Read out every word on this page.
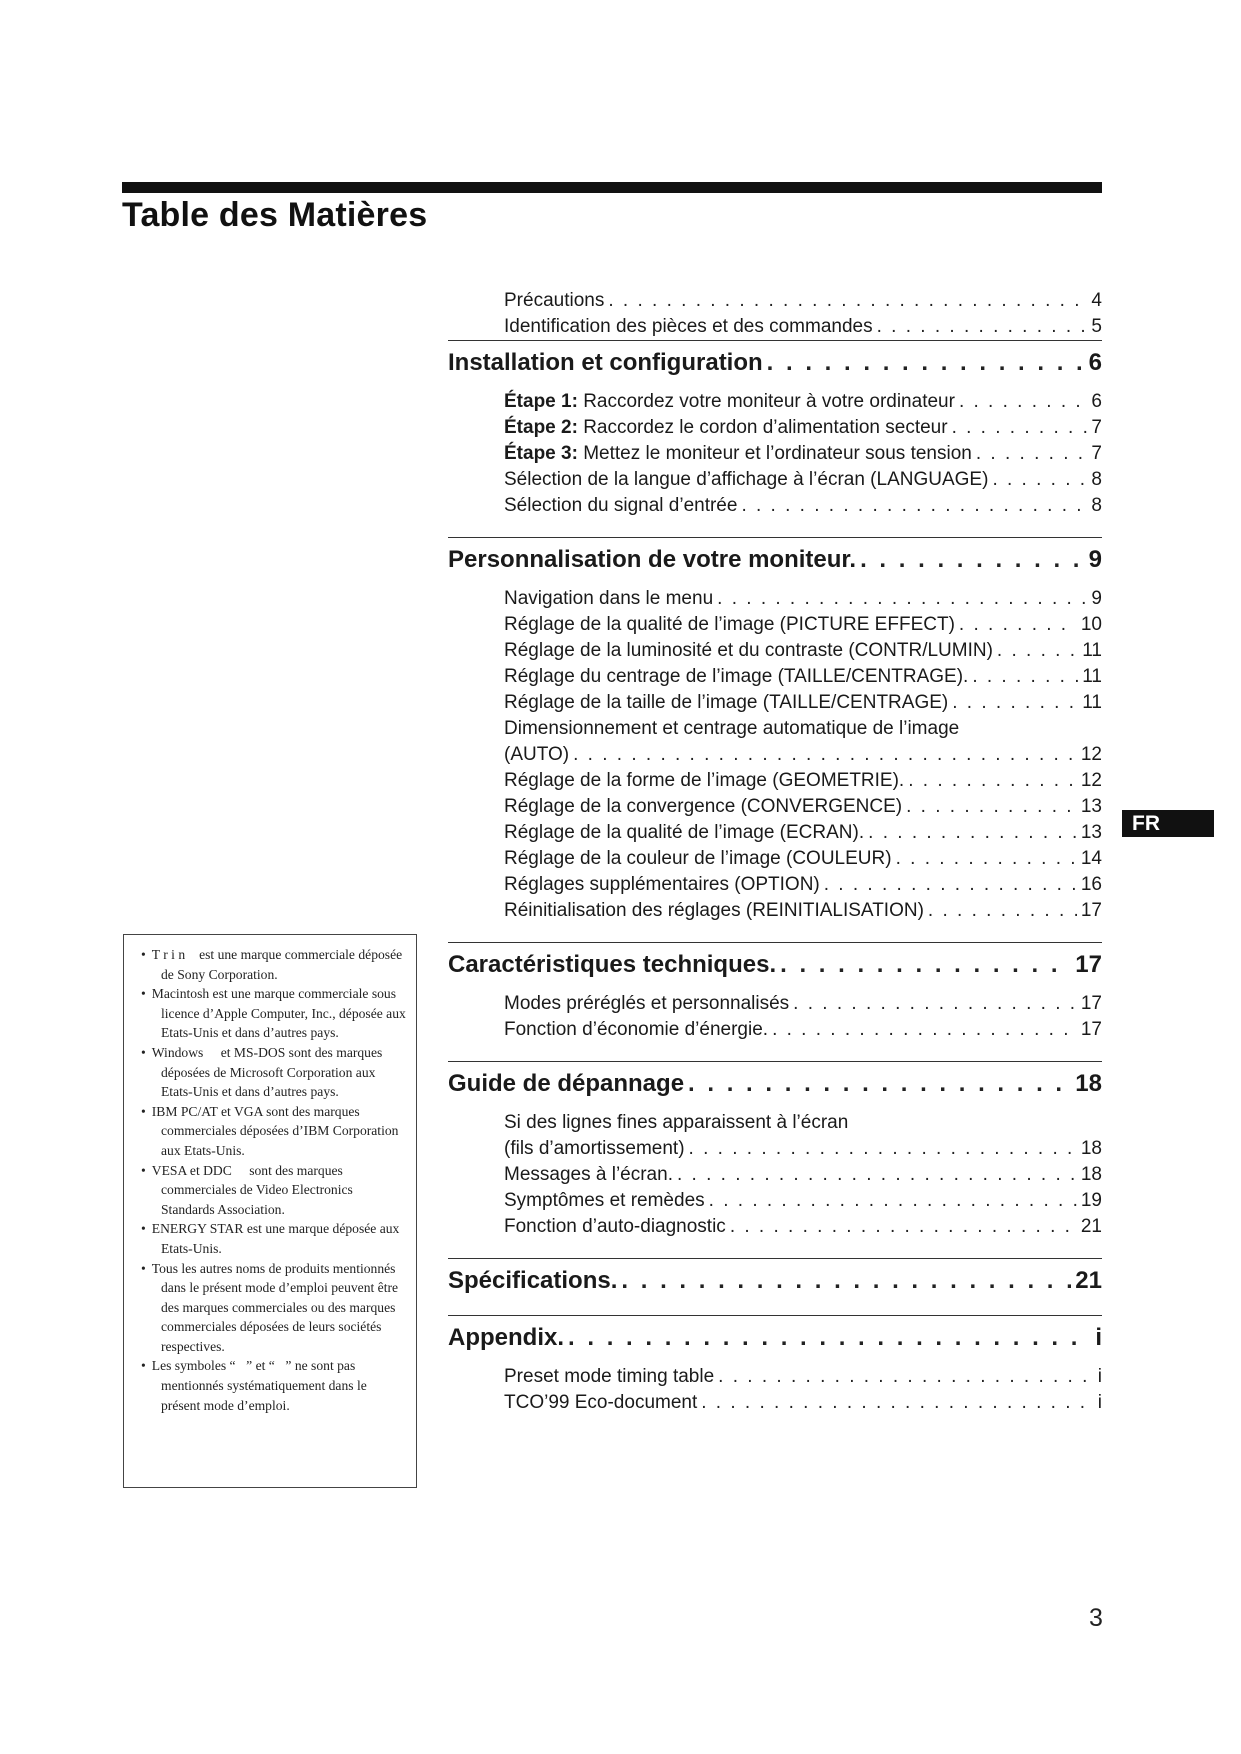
Table des Matières
Précautions . . .	4
Identification des pièces et des commandes . . .	5
Installation et configuration . . .	6
Étape 1: Raccordez votre moniteur à votre ordinateur . . .	6
Étape 2: Raccordez le cordon d’alimentation secteur . . .	7
Étape 3: Mettez le moniteur et l’ordinateur sous tension . . .	7
Sélection de la langue d’affichage à l’écran (LANGUAGE) . . .	8
Sélection du signal d’entrée . . .	8
Personnalisation de votre moniteur. . . .	9
Navigation dans le menu . . .	9
Réglage de la qualité de l’image (PICTURE EFFECT) . . .	10
Réglage de la luminosité et du contraste (CONTR/LUMIN) . . .	11
Réglage du centrage de l’image (TAILLE/CENTRAGE). . . .	11
Réglage de la taille de l’image (TAILLE/CENTRAGE) . . .	11
Dimensionnement et centrage automatique de l’image
(AUTO) . . .	12
Réglage de la forme de l’image (GEOMETRIE). . . .	12
Réglage de la convergence (CONVERGENCE) . . .	13
Réglage de la qualité de l’image (ECRAN). . . .	13
Réglage de la couleur de l’image (COULEUR) . . .	14
Réglages supplémentaires (OPTION) . . .	16
Réinitialisation des réglages (REINITIALISATION) . . .	17
Caractéristiques techniques. . . .	17
Modes préréglés et personnalisés . . .	17
Fonction d’économie d’énergie. . . .	17
Guide de dépannage . . .	18
Si des lignes fines apparaissent à l’écran
(fils d’amortissement) . . .	18
Messages à l’écran. . . .	18
Symptômes et remèdes . . .	19
Fonction d’auto-diagnostic . . .	21
Spécifications. . . .	21
Appendix. . . .	i
Preset mode timing table . . .	i
TCO’99 Eco-document . . .	i
FR
• T r i n  est une marque commerciale déposée de Sony Corporation.
• Macintosh est une marque commerciale sous licence d’Apple Computer, Inc., déposée aux Etats-Unis et dans d’autres pays.
• Windows   et MS-DOS sont des marques déposées de Microsoft Corporation aux Etats-Unis et dans d’autres pays.
• IBM PC/AT et VGA sont des marques commerciales déposées d’IBM Corporation aux Etats-Unis.
• VESA et DDC   sont des marques commerciales de Video Electronics Standards Association.
• ENERGY STAR est une marque déposée aux Etats-Unis.
• Tous les autres noms de produits mentionnés dans le présent mode d’emploi peuvent être des marques commerciales ou des marques commerciales déposées de leurs sociétés respectives.
• Les symboles “ ” et “ ” ne sont pas mentionnés systématiquement dans le présent mode d’emploi.
3
